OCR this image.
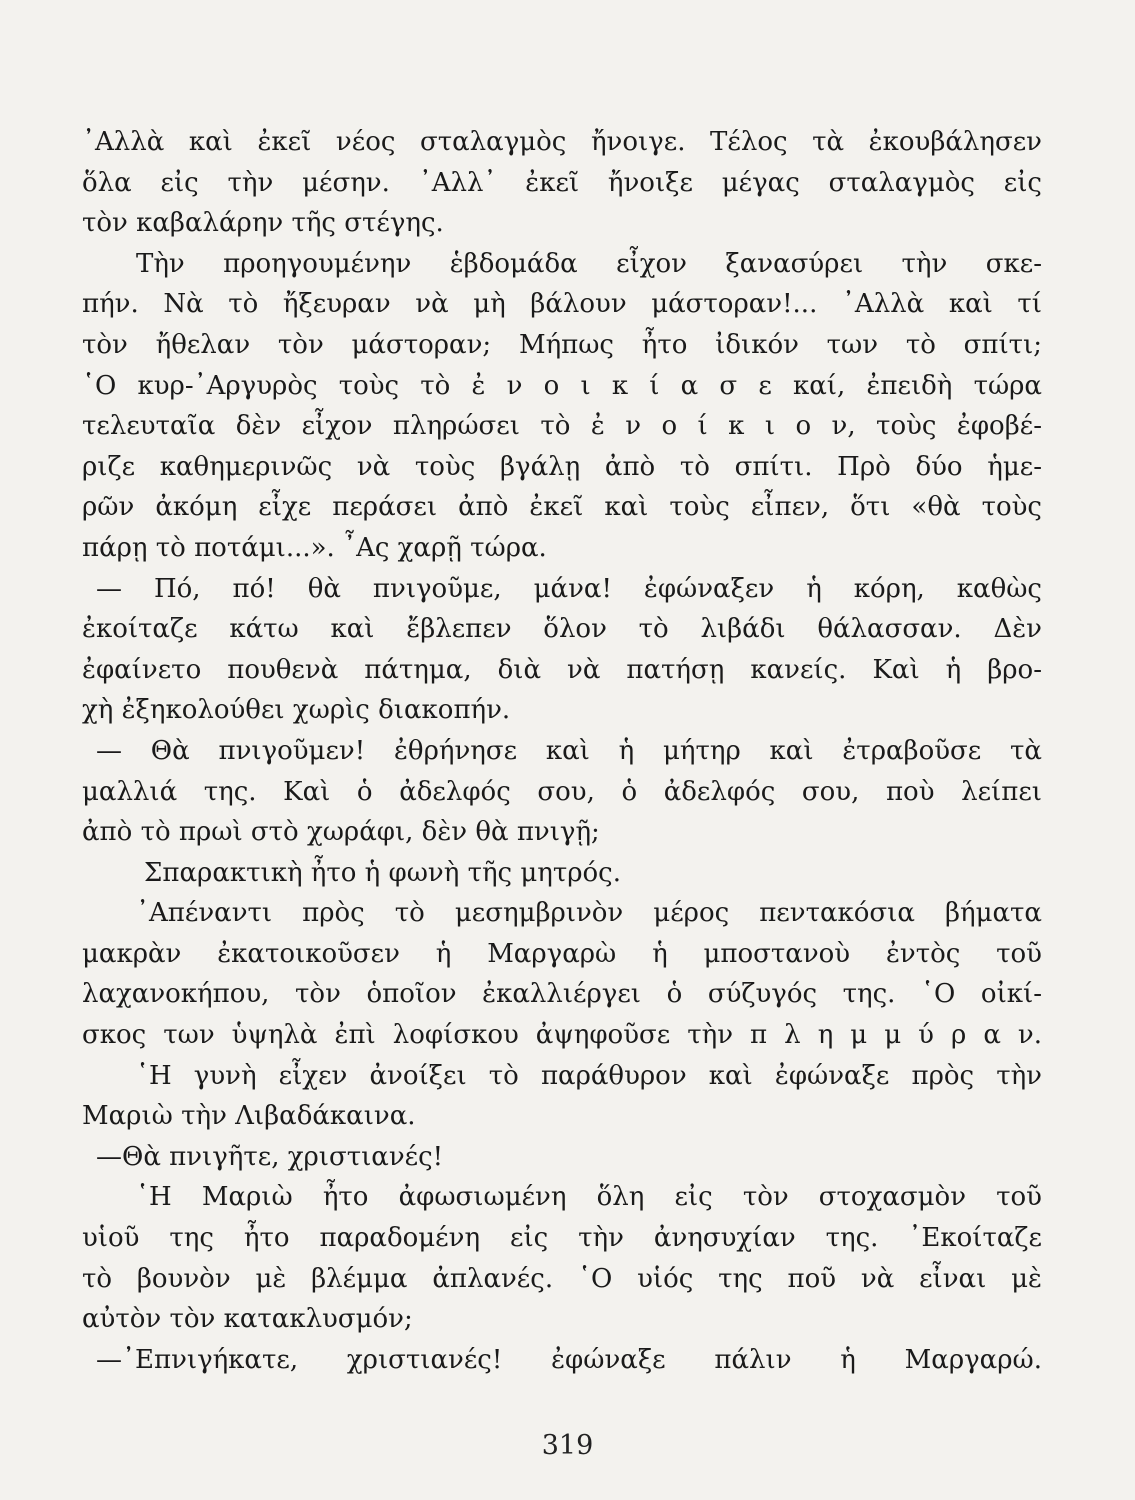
᾽Αλλὰ καὶ ἐκεῖ νέος σταλαγμὸς ἤνοιγε. Τέλος τὰ ἐκουβάλησεν
ὅλα εἰς τὴν μέσην. ᾽Αλλ᾽ ἐκεῖ ἤνοιξε μέγας σταλαγμὸς εἰς
τὸν καβαλάρην τῆς στέγης.
Τὴν προηγουμένην ἑβδομάδα εἶχον ξανασύρει τὴν σκε-
πήν. Νὰ τὸ ἤξευραν νὰ μὴ βάλουν μάστοραν!... ᾽Αλλὰ καὶ τί
τὸν ἤθελαν τὸν μάστοραν; Μήπως ἦτο ἰδικόν των τὸ σπίτι;
῾Ο κυρ-᾽Αργυρὸς τοὺς τὸ ἐ ν ο ι κ ί α σ ε καί, ἐπειδὴ τώρα
τελευταῖα δὲν εἶχον πληρώσει τὸ ἐ ν ο ί κ ι ο ν, τοὺς ἐφοβέ-
ριζε καθημερινῶς νὰ τοὺς βγάλῃ ἀπὸ τὸ σπίτι. Πρὸ δύο ἡμε-
ρῶν ἀκόμη εἶχε περάσει ἀπὸ ἐκεῖ καὶ τοὺς εἶπεν, ὅτι «θὰ τοὺς
πάρῃ τὸ ποτάμι...». ῏Ας χαρῇ τώρα.
— Πό, πό! θὰ πνιγοῦμε, μάνα! ἐφώναξεν ἡ κόρη, καθὼς
ἐκοίταζε κάτω καὶ ἔβλεπεν ὅλον τὸ λιβάδι θάλασσαν. Δὲν
ἐφαίνετο πουθενὰ πάτημα, διὰ νὰ πατήσῃ κανείς. Καὶ ἡ βρο-
χὴ ἐξηκολούθει χωρὶς διακοπήν.
— Θὰ πνιγοῦμεν! ἐθρήνησε καὶ ἡ μήτηρ καὶ ἐτραβοῦσε τὰ
μαλλιά της. Καὶ ὁ ἀδελφός σου, ὁ ἀδελφός σου, ποὺ λείπει
ἀπὸ τὸ πρωὶ στὸ χωράφι, δὲν θὰ πνιγῇ;
Σπαρακτικὴ ἦτο ἡ φωνὴ τῆς μητρός.
᾽Απέναντι πρὸς τὸ μεσημβρινὸν μέρος πεντακόσια βήματα
μακρὰν ἐκατοικοῦσεν ἡ Μαργαρὼ ἡ μποστανοὺ ἐντὸς τοῦ
λαχανοκήπου, τὸν ὁποῖον ἐκαλλιέργει ὁ σύζυγός της. ῾Ο οἰκί-
σκος των ὑψηλὰ ἐπὶ λοφίσκου ἀψηφοῦσε τὴν π λ η μ μ ύ ρ α ν.
῾Η γυνὴ εἶχεν ἀνοίξει τὸ παράθυρον καὶ ἐφώναξε πρὸς τὴν
Μαριὼ τὴν Λιβαδάκαινα.
—Θὰ πνιγῆτε, χριστιανές!
῾Η Μαριὼ ἦτο ἀφωσιωμένη ὅλη εἰς τὸν στοχασμὸν τοῦ
υἱοῦ της ἦτο παραδομένη εἰς τὴν ἀνησυχίαν της. ᾽Εκοίταζε
τὸ βουνὸν μὲ βλέμμα ἀπλανές. ῾Ο υἱός της ποῦ νὰ εἶναι μὲ
αὐτὸν τὸν κατακλυσμόν;
—᾽Επνιγήκατε, χριστιανές! ἐφώναξε πάλιν ἡ Μαργαρώ.
319
